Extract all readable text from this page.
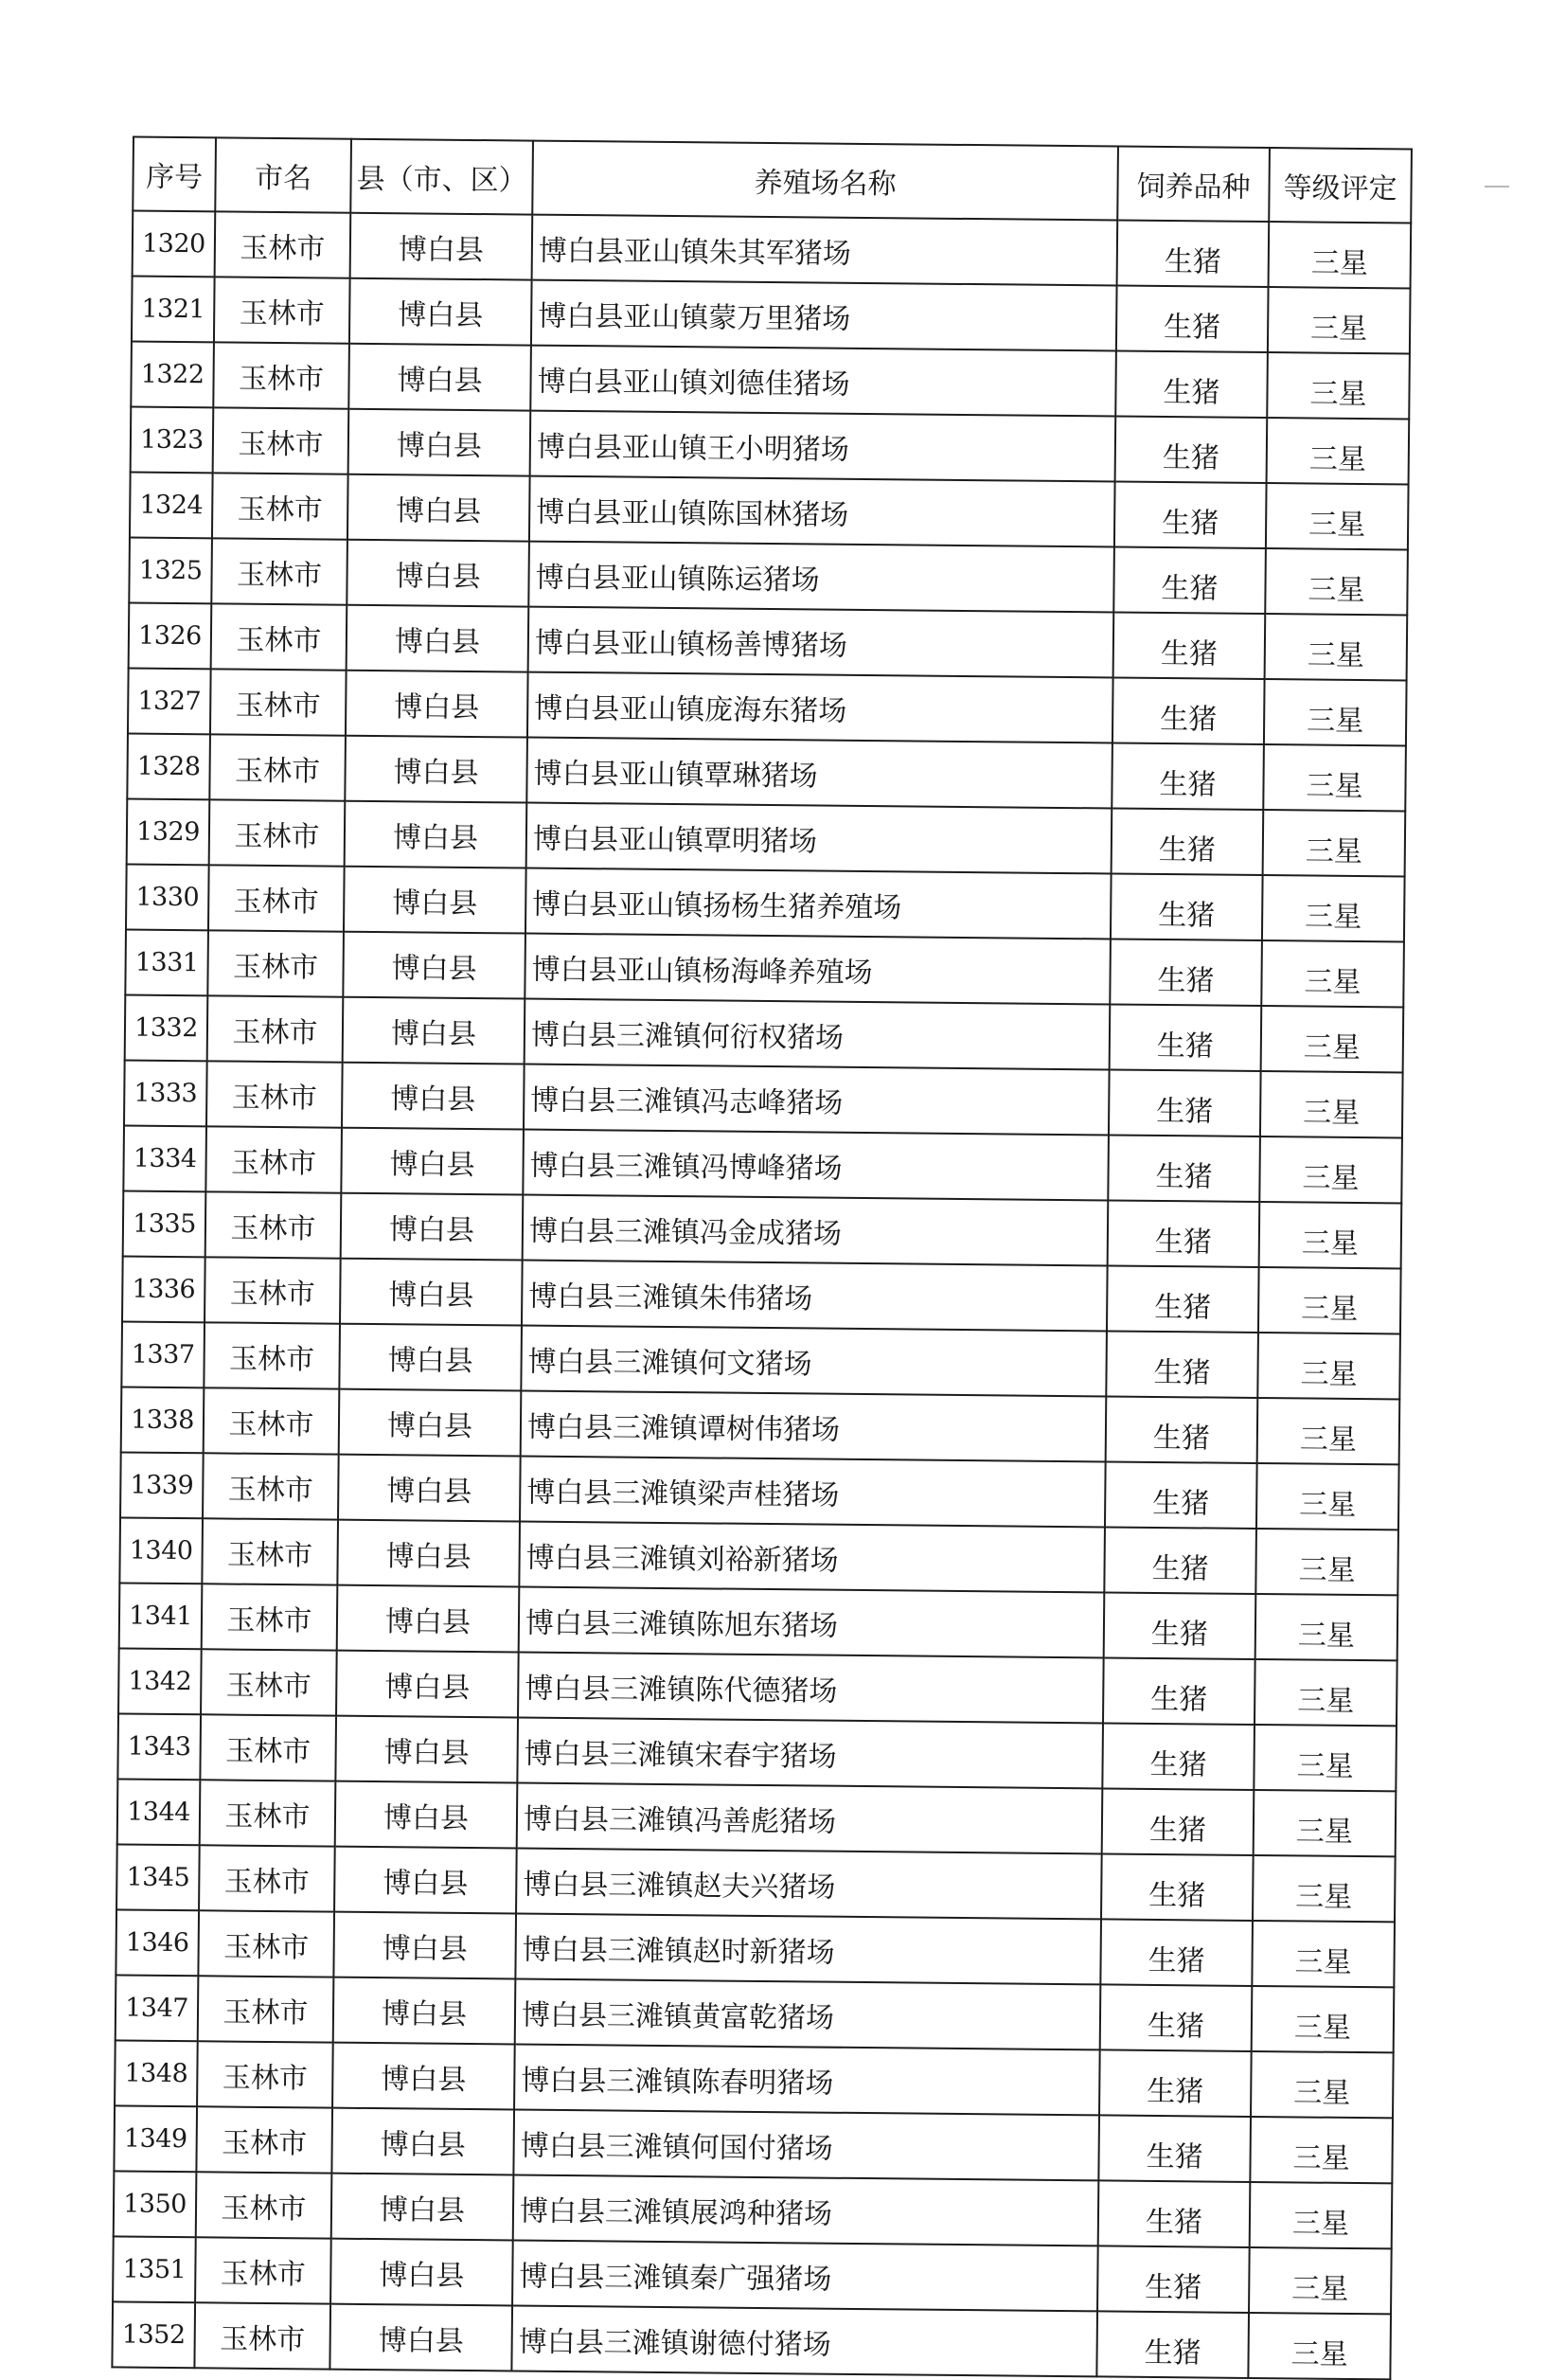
序号	市名	县（市、区）	养殖场名称	饲养品种	等级评定
1320	玉林市	博白县	博白县亚山镇朱其军猪场	生猪	三星
1321	玉林市	博白县	博白县亚山镇蒙万里猪场	生猪	三星
1322	玉林市	博白县	博白县亚山镇刘德佳猪场	生猪	三星
1323	玉林市	博白县	博白县亚山镇王小明猪场	生猪	三星
1324	玉林市	博白县	博白县亚山镇陈国林猪场	生猪	三星
1325	玉林市	博白县	博白县亚山镇陈运猪场	生猪	三星
1326	玉林市	博白县	博白县亚山镇杨善博猪场	生猪	三星
1327	玉林市	博白县	博白县亚山镇庞海东猪场	生猪	三星
1328	玉林市	博白县	博白县亚山镇覃琳猪场	生猪	三星
1329	玉林市	博白县	博白县亚山镇覃明猪场	生猪	三星
1330	玉林市	博白县	博白县亚山镇扬杨生猪养殖场	生猪	三星
1331	玉林市	博白县	博白县亚山镇杨海峰养殖场	生猪	三星
1332	玉林市	博白县	博白县三滩镇何衍权猪场	生猪	三星
1333	玉林市	博白县	博白县三滩镇冯志峰猪场	生猪	三星
1334	玉林市	博白县	博白县三滩镇冯博峰猪场	生猪	三星
1335	玉林市	博白县	博白县三滩镇冯金成猪场	生猪	三星
1336	玉林市	博白县	博白县三滩镇朱伟猪场	生猪	三星
1337	玉林市	博白县	博白县三滩镇何文猪场	生猪	三星
1338	玉林市	博白县	博白县三滩镇谭树伟猪场	生猪	三星
1339	玉林市	博白县	博白县三滩镇梁声桂猪场	生猪	三星
1340	玉林市	博白县	博白县三滩镇刘裕新猪场	生猪	三星
1341	玉林市	博白县	博白县三滩镇陈旭东猪场	生猪	三星
1342	玉林市	博白县	博白县三滩镇陈代德猪场	生猪	三星
1343	玉林市	博白县	博白县三滩镇宋春宇猪场	生猪	三星
1344	玉林市	博白县	博白县三滩镇冯善彪猪场	生猪	三星
1345	玉林市	博白县	博白县三滩镇赵夫兴猪场	生猪	三星
1346	玉林市	博白县	博白县三滩镇赵时新猪场	生猪	三星
1347	玉林市	博白县	博白县三滩镇黄富乾猪场	生猪	三星
1348	玉林市	博白县	博白县三滩镇陈春明猪场	生猪	三星
1349	玉林市	博白县	博白县三滩镇何国付猪场	生猪	三星
1350	玉林市	博白县	博白县三滩镇展鸿种猪场	生猪	三星
1351	玉林市	博白县	博白县三滩镇秦广强猪场	生猪	三星
1352	玉林市	博白县	博白县三滩镇谢德付猪场	生猪	三星
